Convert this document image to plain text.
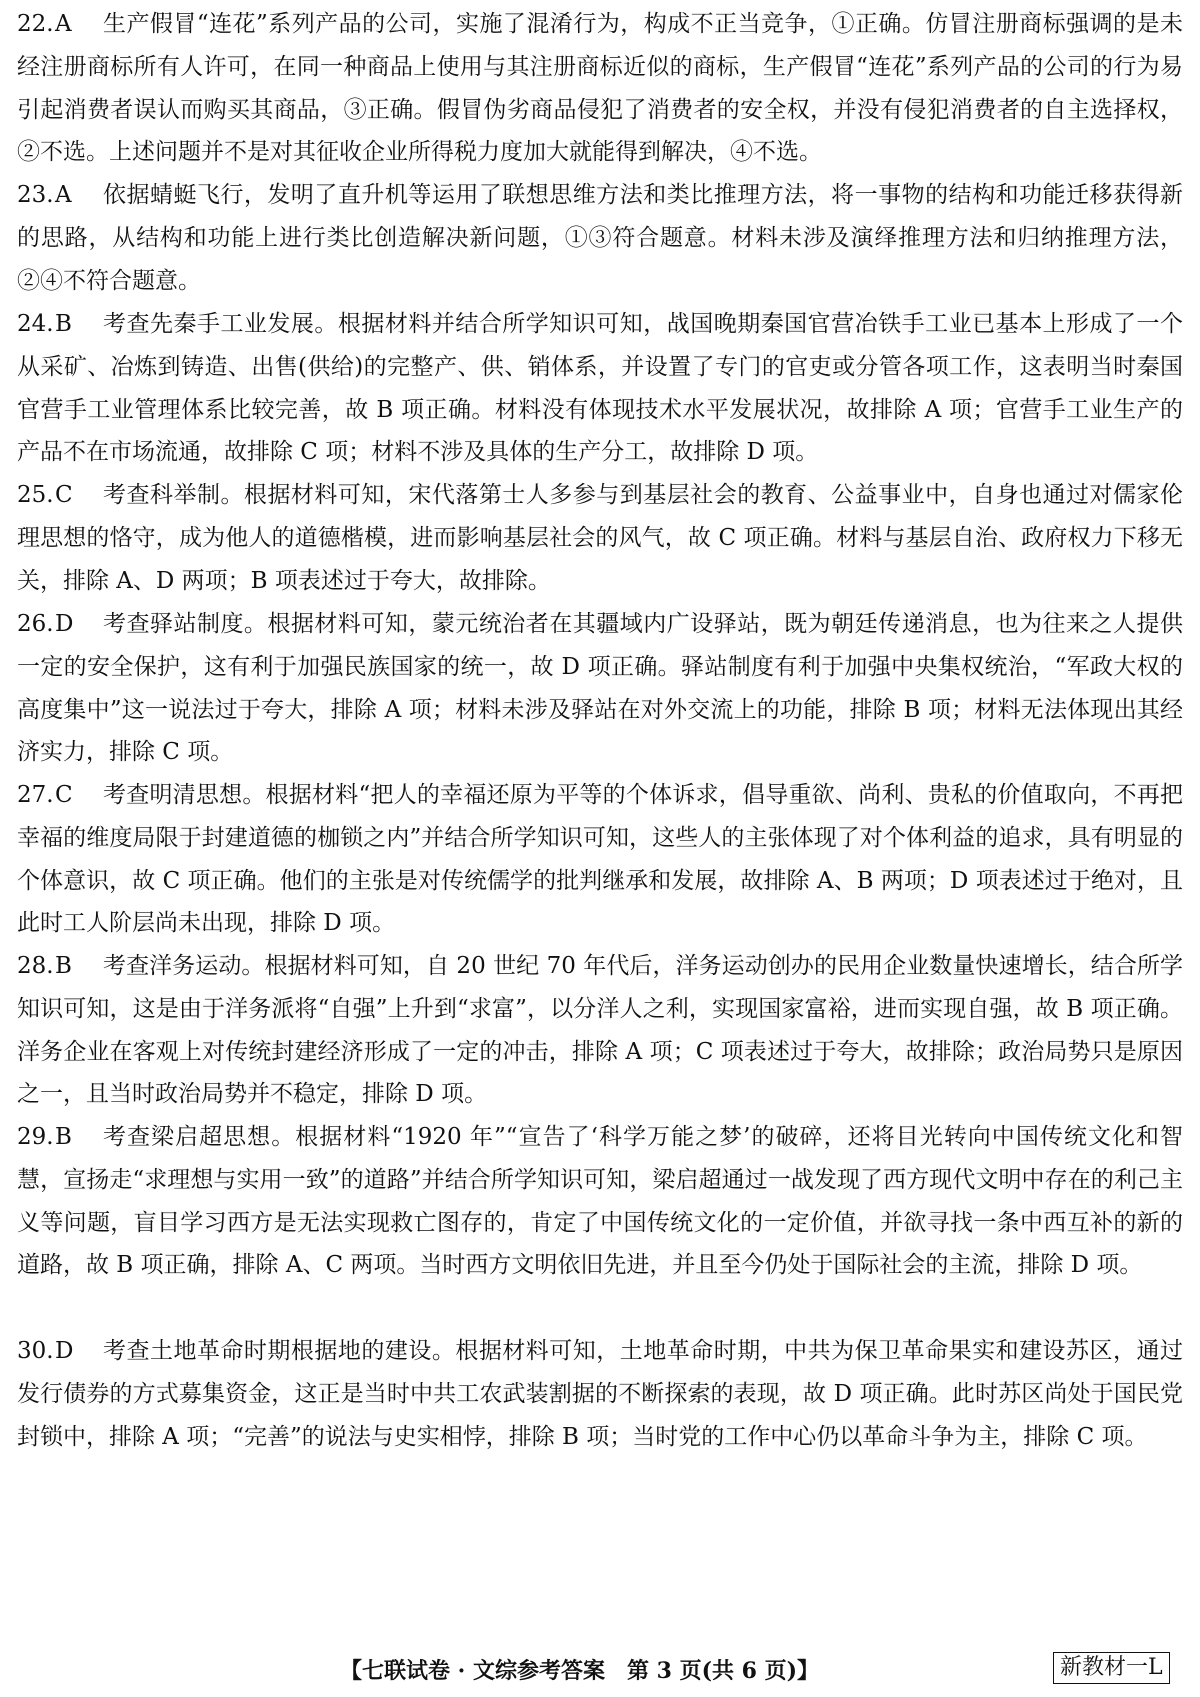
22. A	生产假冒“连花”系列产品的公司，实施了混淆行为，构成不正当竞争，①正确。仿冒注册商标强调的是未经注册商标所有人许可，在同一种商品上使用与其注册商标近似的商标，生产假冒“连花”系列产品的公司的行为易引起消费者误认而购买其商品，③正确。假冒伪劣商品侵犯了消费者的安全权，并没有侵犯消费者的自主选择权，②不选。上述问题并不是对其征收企业所得税力度加大就能得到解决，④不选。
23. A	依据蜻蜓飞行，发明了直升机等运用了联想思维方法和类比推理方法，将一事物的结构和功能迁移获得新的思路，从结构和功能上进行类比创造解决新问题，①③符合题意。材料未涉及演绎推理方法和归纳推理方法，②④不符合题意。
24. B	考查先秦手工业发展。根据材料并结合所学知识可知，战国晚期秦国官营冶铁手工业已基本上形成了一个从采矿、冶炼到铸造、出售(供给)的完整产、供、销体系，并设置了专门的官吏或分管各项工作，这表明当时秦国官营手工业管理体系比较完善，故 B 项正确。材料没有体现技术水平发展状况，故排除 A 项；官营手工业生产的产品不在市场流通，故排除 C 项；材料不涉及具体的生产分工，故排除 D 项。
25. C	考查科举制。根据材料可知，宋代落第士人多参与到基层社会的教育、公益事业中，自身也通过对儒家伦理思想的恪守，成为他人的道德楷模，进而影响基层社会的风气，故 C 项正确。材料与基层自治、政府权力下移无关，排除 A、D 两项；B 项表述过于夸大，故排除。
26. D	考查驿站制度。根据材料可知，蒙元统治者在其疆域内广设驿站，既为朝廷传递消息，也为往来之人提供一定的安全保护，这有利于加强民族国家的统一，故 D 项正确。驿站制度有利于加强中央集权统治，“军政大权的高度集中”这一说法过于夸大，排除 A 项；材料未涉及驿站在对外交流上的功能，排除 B 项；材料无法体现出其经济实力，排除 C 项。
27. C	考查明清思想。根据材料“把人的幸福还原为平等的个体诉求，倡导重欲、尚利、贵私的价值取向，不再把幸福的维度局限于封建道德的枷锁之内”并结合所学知识可知，这些人的主张体现了对个体利益的追求，具有明显的个体意识，故 C 项正确。他们的主张是对传统儒学的批判继承和发展，故排除 A、B 两项；D 项表述过于绝对，且此时工人阶层尚未出现，排除 D 项。
28. B	考查洋务运动。根据材料可知，自 20 世纪 70 年代后，洋务运动创办的民用企业数量快速增长，结合所学知识可知，这是由于洋务派将“自强”上升到“求富”，以分洋人之利，实现国家富裕，进而实现自强，故 B 项正确。洋务企业在客观上对传统封建经济形成了一定的冲击，排除 A 项；C 项表述过于夸大，故排除；政治局势只是原因之一，且当时政治局势并不稳定，排除 D 项。
29. B	考查梁启超思想。根据材料“1920 年”“宣告了‘科学万能之梦’的破碎，还将目光转向中国传统文化和智慧，宣扬走“求理想与实用一致”的道路”并结合所学知识可知，梁启超通过一战发现了西方现代文明中存在的利己主义等问题，盲目学习西方是无法实现救亡图存的，肯定了中国传统文化的一定价值，并欲寻找一条中西互补的新的道路，故 B 项正确，排除 A、C 两项。当时西方文明依旧先进，并且至今仍处于国际社会的主流，排除 D 项。
30. D	考查土地革命时期根据地的建设。根据材料可知，土地革命时期，中共为保卫革命果实和建设苏区，通过发行债券的方式募集资金，这正是当时中共工农武装割据的不断探索的表现，故 D 项正确。此时苏区尚处于国民党封锁中，排除 A 项；“完善”的说法与史实相悖，排除 B 项；当时党的工作中心仍以革命斗争为主，排除 C 项。
【七联试卷 · 文综参考答案　第 3 页(共 6 页)】	新教材一L
